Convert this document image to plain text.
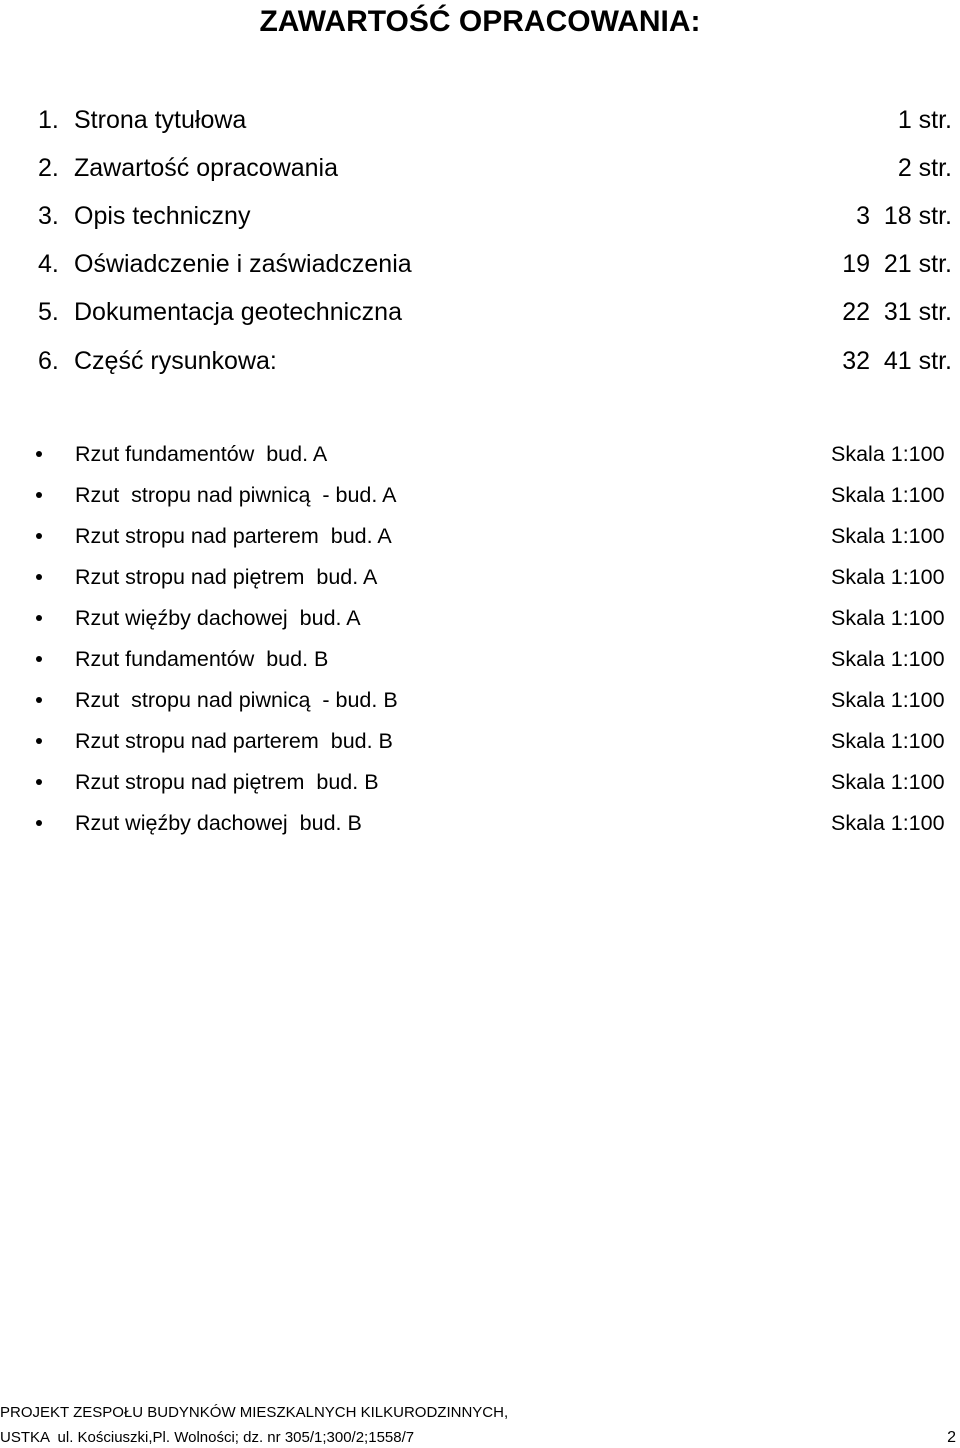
ZAWARTOŚĆ OPRACOWANIA:
1. Strona tytułowa	1 str.
2. Zawartość opracowania	2 str.
3. Opis techniczny	3  18 str.
4. Oświadczenie i zaświadczenia	19  21 str.
5. Dokumentacja geotechniczna	22  31 str.
6. Część rysunkowa:	32  41 str.
Rzut fundamentów  bud. A	Skala 1:100
Rzut  stropu nad piwnicą  - bud. A	Skala 1:100
Rzut stropu nad parterem  bud. A	Skala 1:100
Rzut stropu nad piętrem  bud. A	Skala 1:100
Rzut więźby dachowej  bud. A	Skala 1:100
Rzut fundamentów  bud. B	Skala 1:100
Rzut  stropu nad piwnicą  - bud. B	Skala 1:100
Rzut stropu nad parterem  bud. B	Skala 1:100
Rzut stropu nad piętrem  bud. B	Skala 1:100
Rzut więźby dachowej  bud. B	Skala 1:100
PROJEKT ZESPOŁU BUDYNKÓW MIESZKALNYCH KILKURODZINNYCH,
USTKA  ul. Kościuszki,Pl. Wolności; dz. nr 305/1;300/2;1558/7	2
